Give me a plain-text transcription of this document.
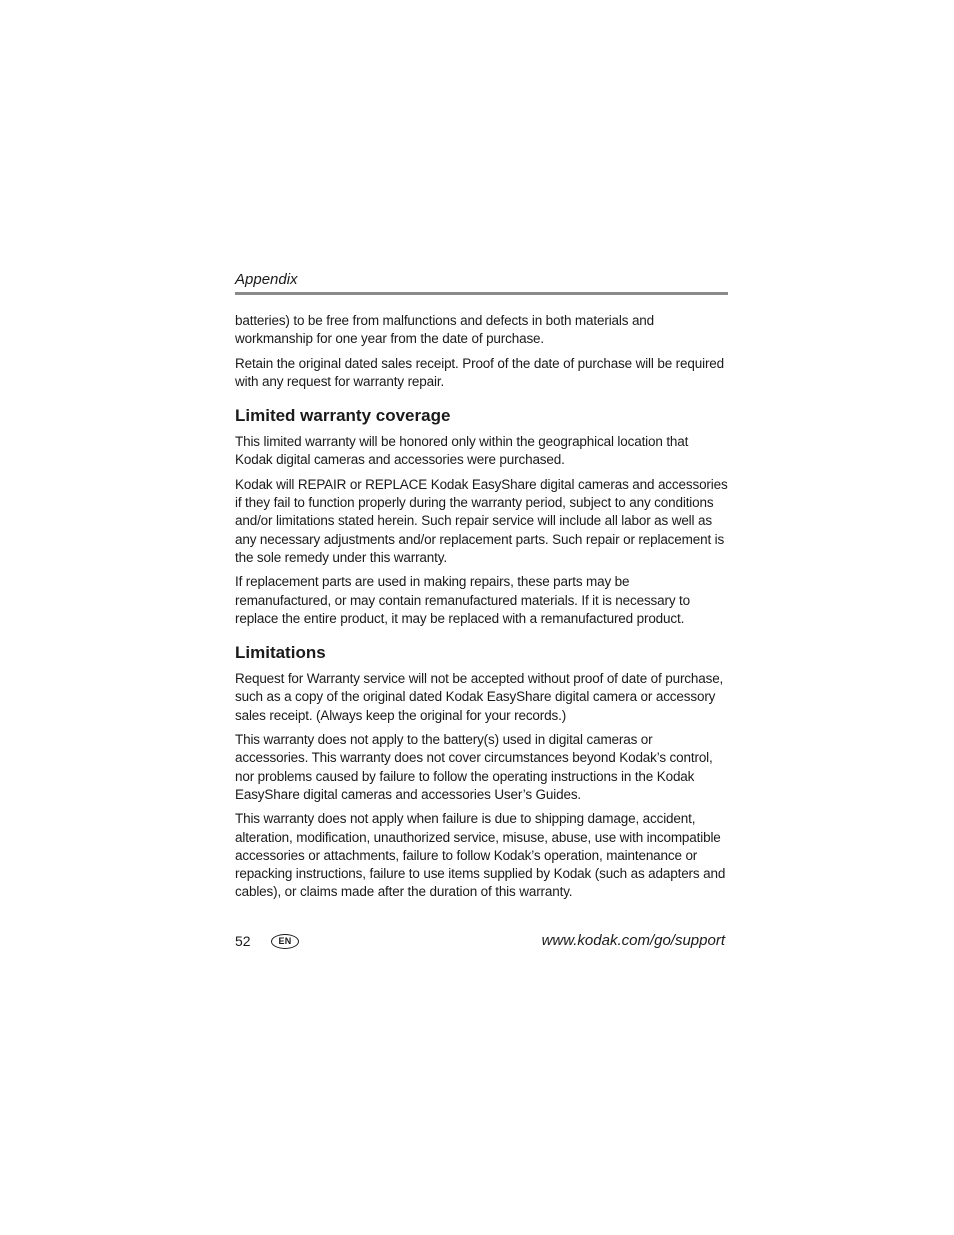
Appendix

batteries) to be free from malfunctions and defects in both materials and workmanship for one year from the date of purchase.

Retain the original dated sales receipt. Proof of the date of purchase will be required with any request for warranty repair.

Limited warranty coverage

This limited warranty will be honored only within the geographical location that Kodak digital cameras and accessories were purchased.

Kodak will REPAIR or REPLACE Kodak EasyShare digital cameras and accessories if they fail to function properly during the warranty period, subject to any conditions and/or limitations stated herein. Such repair service will include all labor as well as any necessary adjustments and/or replacement parts. Such repair or replacement is the sole remedy under this warranty.

If replacement parts are used in making repairs, these parts may be remanufactured, or may contain remanufactured materials. If it is necessary to replace the entire product, it may be replaced with a remanufactured product.

Limitations

Request for Warranty service will not be accepted without proof of date of purchase, such as a copy of the original dated Kodak EasyShare digital camera or accessory sales receipt. (Always keep the original for your records.)

This warranty does not apply to the battery(s) used in digital cameras or accessories. This warranty does not cover circumstances beyond Kodak’s control, nor problems caused by failure to follow the operating instructions in the Kodak EasyShare digital cameras and accessories User’s Guides.

This warranty does not apply when failure is due to shipping damage, accident, alteration, modification, unauthorized service, misuse, abuse, use with incompatible accessories or attachments, failure to follow Kodak’s operation, maintenance or repacking instructions, failure to use items supplied by Kodak (such as adapters and cables), or claims made after the duration of this warranty.

52	EN	www.kodak.com/go/support
